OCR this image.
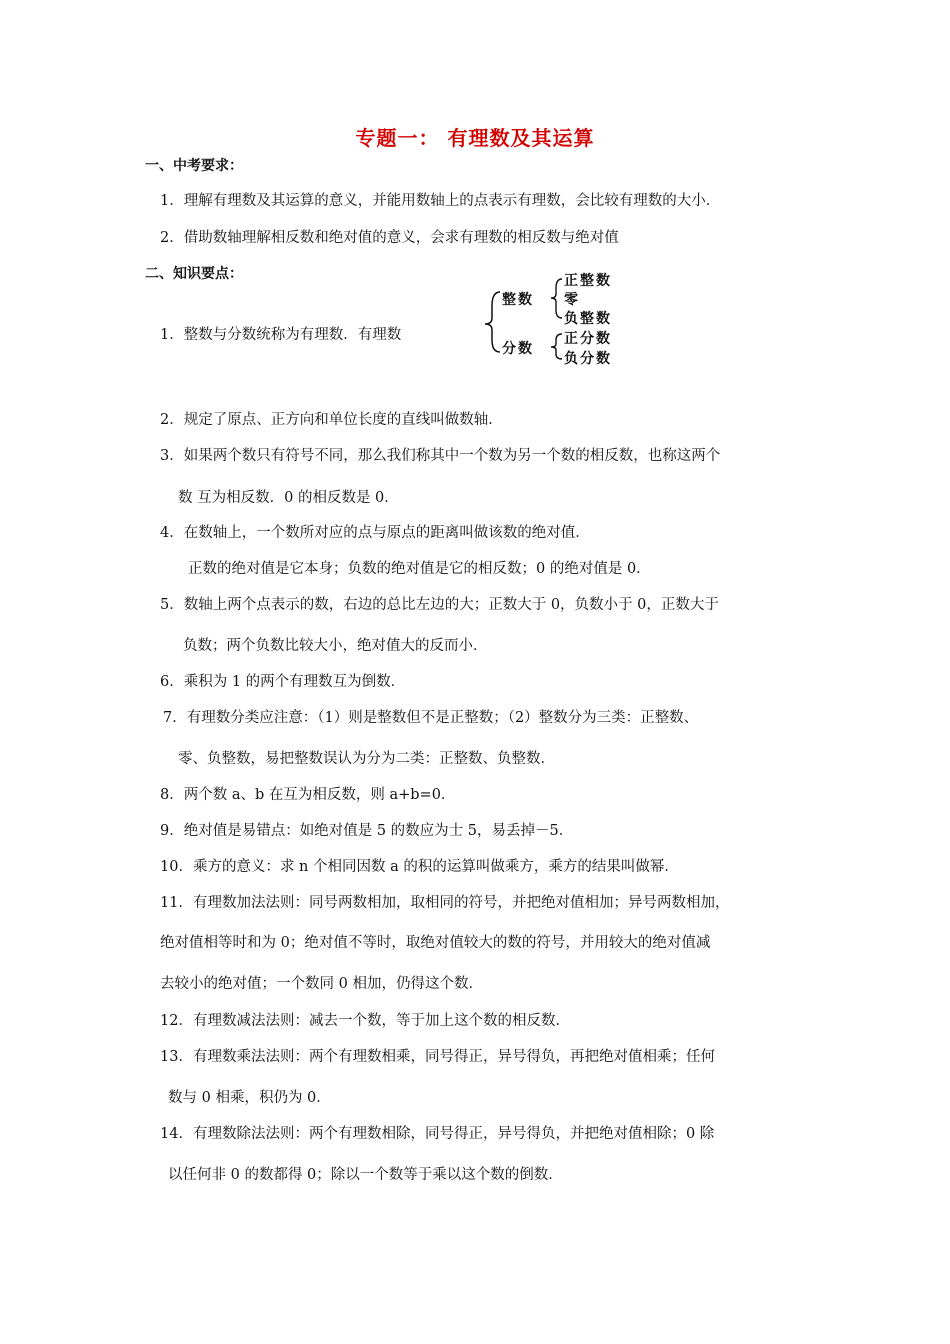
专题一： 有理数及其运算
一、中考要求：
1．理解有理数及其运算的意义，并能用数轴上的点表示有理数，会比较有理数的大小．
2．借助数轴理解相反数和绝对值的意义，会求有理数的相反数与绝对值
二、知识要点：
1．整数与分数统称为有理数．有理数
整数
正整数
零
负整数
分数
正分数
负分数
2．规定了原点、正方向和单位长度的直线叫做数轴．
3．如果两个数只有符号不同，那么我们称其中一个数为另一个数的相反数，也称这两个
数 互为相反数．0 的相反数是 0．
4．在数轴上，一个数所对应的点与原点的距离叫做该数的绝对值．
正数的绝对值是它本身；负数的绝对值是它的相反数；0 的绝对值是 0．
5．数轴上两个点表示的数，右边的总比左边的大；正数大于 0，负数小于 0，正数大于
负数；两个负数比较大小，绝对值大的反而小．
6．乘积为 1 的两个有理数互为倒数．
7．有理数分类应注意：（1）则是整数但不是正整数；（2）整数分为三类：正整数、
零、负整数，易把整数误认为分为二类：正整数、负整数．
8．两个数 a、b 在互为相反数，则 a+b=0．
9．绝对值是易错点：如绝对值是 5 的数应为士 5，易丢掉－5．
10．乘方的意义：求 n 个相同因数 a 的积的运算叫做乘方，乘方的结果叫做幂．
11．有理数加法法则：同号两数相加，取相同的符号，并把绝对值相加；异号两数相加，
绝对值相等时和为 0；绝对值不等时，取绝对值较大的数的符号，并用较大的绝对值减
去较小的绝对值；一个数同 0 相加，仍得这个数．
12．有理数减法法则：减去一个数，等于加上这个数的相反数．
13．有理数乘法法则：两个有理数相乘，同号得正，异号得负，再把绝对值相乘；任何
数与 0 相乘，积仍为 0．
14．有理数除法法则：两个有理数相除，同号得正，异号得负，并把绝对值相除；0 除
以任何非 0 的数都得 0；除以一个数等于乘以这个数的倒数．
